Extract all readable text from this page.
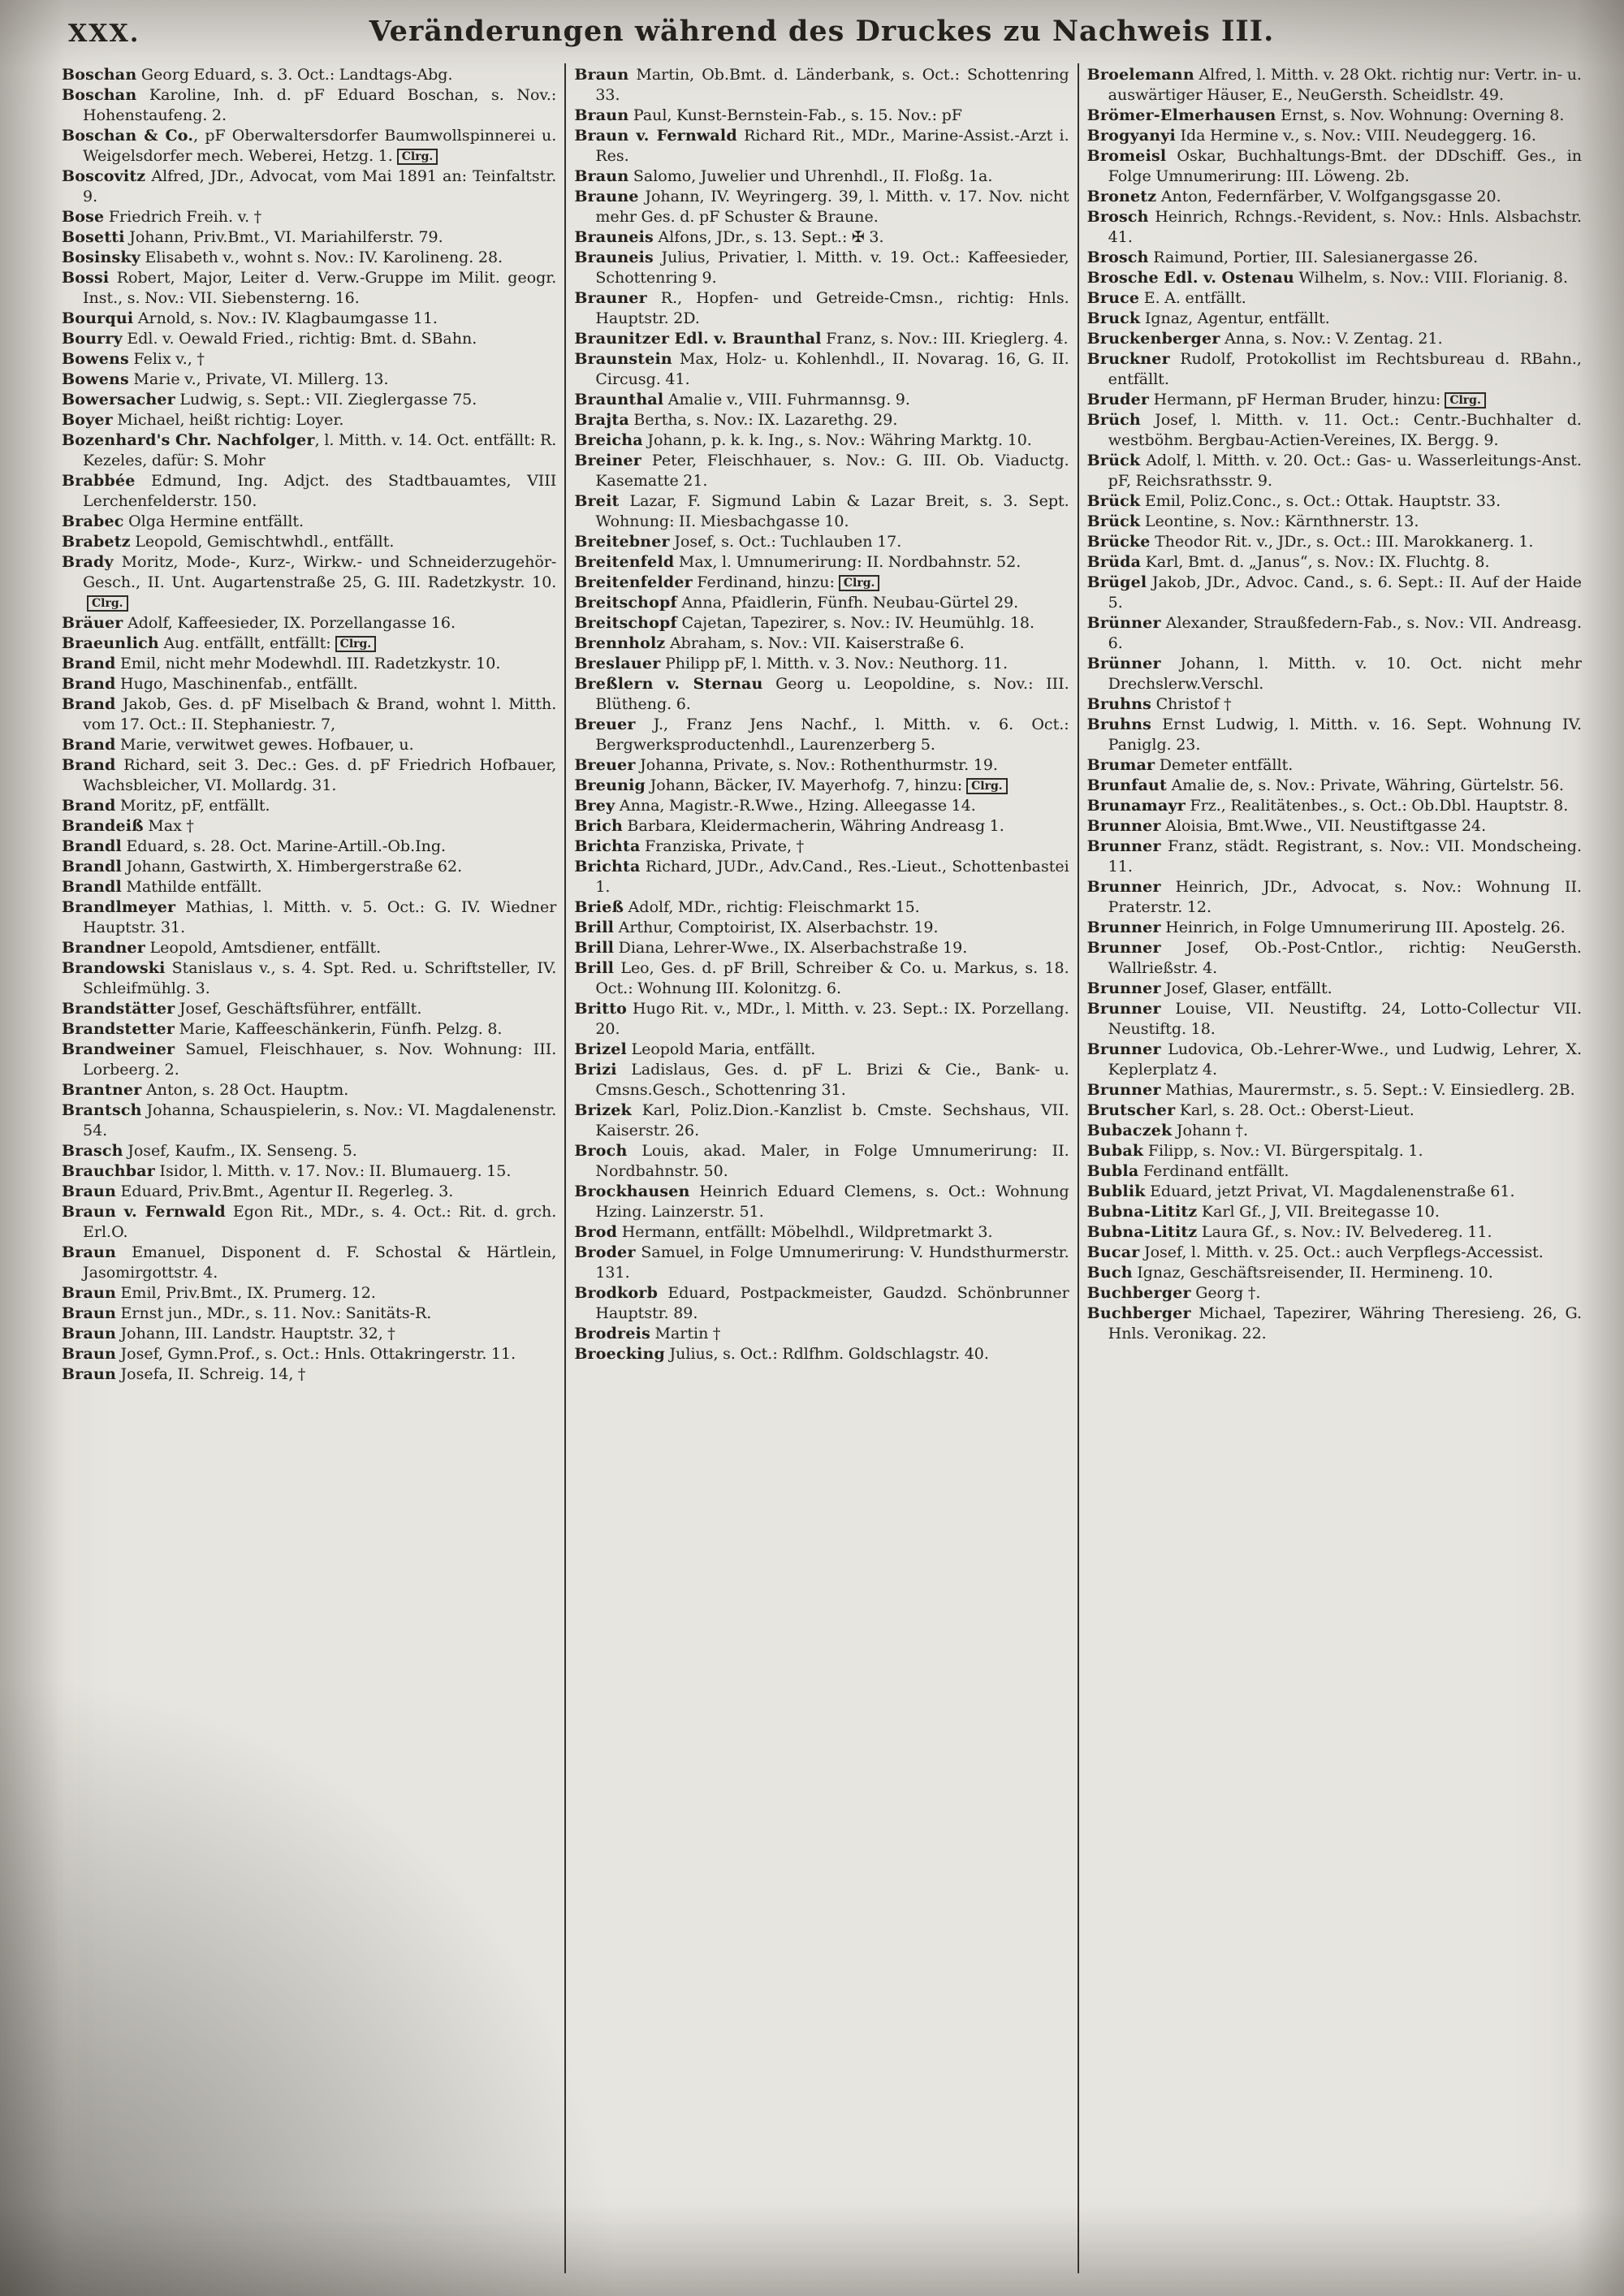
XXX.	Veränderungen während des Druckes zu Nachweis III.

Boschan Georg Eduard, s. 3. Oct.: Landtags-Abg.

Boschan Karoline, Inh. d. pF Eduard Boschan, s. Nov.: Hohenstaufeng. 2.

Boschan & Co., pF Oberwaltersdorfer Baumwollspinnerei u. Weigelsdorfer mech. Weberei, Hetzg. 1. Clrg.

Boscovitz Alfred, JDr., Advocat, vom Mai 1891 an: Teinfaltstr. 9.

Bose Friedrich Freih. v. †

Bosetti Johann, Priv.Bmt., VI. Mariahilferstr. 79.

Bosinsky Elisabeth v., wohnt s. Nov.: IV. Karolineng. 28.

Bossi Robert, Major, Leiter d. Verw.-Gruppe im Milit. geogr. Inst., s. Nov.: VII. Siebensterng. 16.

Bourqui Arnold, s. Nov.: IV. Klagbaumgasse 11.

Bourry Edl. v. Oewald Fried., richtig: Bmt. d. SBahn.

Bowens Felix v., †

Bowens Marie v., Private, VI. Millerg. 13.

Bowersacher Ludwig, s. Sept.: VII. Zieglergasse 75.

Boyer Michael, heißt richtig: Loyer.

Bozenhard's Chr. Nachfolger, l. Mitth. v. 14. Oct. entfällt: R. Kezeles, dafür: S. Mohr

Brabbée Edmund, Ing. Adjct. des Stadtbauamtes, VIII Lerchenfelderstr. 150.

Brabec Olga Hermine entfällt.

Brabetz Leopold, Gemischtwhdl., entfällt.

Brady Moritz, Mode-, Kurz-, Wirkw.- und Schneiderzugehör-Gesch., II. Unt. Augartenstraße 25, G. III. Radetzkystr. 10.Clrg.

Bräuer Adolf, Kaffeesieder, IX. Porzellangasse 16.

Braeunlich Aug. entfällt, entfällt: Clrg.

Brand Emil, nicht mehr Modewhdl. III. Radetzkystr. 10.

Brand Hugo, Maschinenfab., entfällt.

Brand Jakob, Ges. d. pF Miselbach & Brand, wohnt l. Mitth. vom 17. Oct.: II. Stephaniestr. 7,

Brand Marie, verwitwet gewes. Hofbauer, u.

Brand Richard, seit 3. Dec.: Ges. d. pF Friedrich Hofbauer, Wachsbleicher, VI. Mollardg. 31.

Brand Moritz, pF, entfällt.

Brandeiß Max †

Brandl Eduard, s. 28. Oct. Marine-Artill.-Ob.Ing.

Brandl Johann, Gastwirth, X. Himbergerstraße 62.

Brandl Mathilde entfällt.

Brandlmeyer Mathias, l. Mitth. v. 5. Oct.: G. IV. Wiedner Hauptstr. 31.

Brandner Leopold, Amtsdiener, entfällt.

Brandowski Stanislaus v., s. 4. Spt. Red. u. Schriftsteller, IV. Schleifmühlg. 3.

Brandstätter Josef, Geschäftsführer, entfällt.

Brandstetter Marie, Kaffeeschänkerin, Fünfh. Pelzg. 8.

Brandweiner Samuel, Fleischhauer, s. Nov. Wohnung: III. Lorbeerg. 2.

Brantner Anton, s. 28 Oct. Hauptm.

Brantsch Johanna, Schauspielerin, s. Nov.: VI. Magdalenenstr. 54.

Brasch Josef, Kaufm., IX. Senseng. 5.

Brauchbar Isidor, l. Mitth. v. 17. Nov.: II. Blumauerg. 15.

Braun Eduard, Priv.Bmt., Agentur II. Regerleg. 3.

Braun v. Fernwald Egon Rit., MDr., s. 4. Oct.: Rit. d. grch. Erl.O.

Braun Emanuel, Disponent d. F. Schostal & Härtlein, Jasomirgottstr. 4.

Braun Emil, Priv.Bmt., IX. Prumerg. 12.

Braun Ernst jun., MDr., s. 11. Nov.: Sanitäts-R.

Braun Johann, III. Landstr. Hauptstr. 32, †

Braun Josef, Gymn.Prof., s. Oct.: Hnls. Ottakringerstr. 11.

Braun Josefa, II. Schreig. 14, †

Braun Martin, Ob.Bmt. d. Länderbank, s. Oct.: Schottenring 33.

Braun Paul, Kunst-Bernstein-Fab., s. 15. Nov.: pF

Braun v. Fernwald Richard Rit., MDr., Marine-Assist.-Arzt i. Res.

Braun Salomo, Juwelier und Uhrenhdl., II. Floßg. 1a.

Braune Johann, IV. Weyringerg. 39, l. Mitth. v. 17. Nov. nicht mehr Ges. d. pF Schuster & Braune.

Brauneis Alfons, JDr., s. 13. Sept.: ✠ 3.

Brauneis Julius, Privatier, l. Mitth. v. 19. Oct.: Kaffeesieder, Schottenring 9.

Brauner R., Hopfen- und Getreide-Cmsn., richtig: Hnls. Hauptstr. 2D.

Braunitzer Edl. v. Braunthal Franz, s. Nov.: III. Krieglerg. 4.

Braunstein Max, Holz- u. Kohlenhdl., II. Novarag. 16, G. II. Circusg. 41.

Braunthal Amalie v., VIII. Fuhrmannsg. 9.

Brajta Bertha, s. Nov.: IX. Lazarethg. 29.

Breicha Johann, p. k. k. Ing., s. Nov.: Währing Marktg. 10.

Breiner Peter, Fleischhauer, s. Nov.: G. III. Ob. Viaductg. Kasematte 21.

Breit Lazar, F. Sigmund Labin & Lazar Breit, s. 3. Sept. Wohnung: II. Miesbachgasse 10.

Breitebner Josef, s. Oct.: Tuchlauben 17.

Breitenfeld Max, l. Umnumerirung: II. Nordbahnstr. 52.

Breitenfelder Ferdinand, hinzu: Clrg.

Breitschopf Anna, Pfaidlerin, Fünfh. Neubau-Gürtel 29.

Breitschopf Cajetan, Tapezirer, s. Nov.: IV. Heumühlg. 18.

Brennholz Abraham, s. Nov.: VII. Kaiserstraße 6.

Breslauer Philipp pF, l. Mitth. v. 3. Nov.: Neuthorg. 11.

Breßlern v. Sternau Georg u. Leopoldine, s. Nov.: III. Blütheng. 6.

Breuer J., Franz Jens Nachf., l. Mitth. v. 6. Oct.: Bergwerksproductenhdl., Laurenzerberg 5.

Breuer Johanna, Private, s. Nov.: Rothenthurmstr. 19.

Breunig Johann, Bäcker, IV. Mayerhofg. 7, hinzu: Clrg.

Brey Anna, Magistr.-R.Wwe., Hzing. Alleegasse 14.

Brich Barbara, Kleidermacherin, Währing Andreasg 1.

Brichta Franziska, Private, †

Brichta Richard, JUDr., Adv.Cand., Res.-Lieut., Schottenbastei 1.

Brieß Adolf, MDr., richtig: Fleischmarkt 15.

Brill Arthur, Comptoirist, IX. Alserbachstr. 19.

Brill Diana, Lehrer-Wwe., IX. Alserbachstraße 19.

Brill Leo, Ges. d. pF Brill, Schreiber & Co. u. Markus, s. 18. Oct.: Wohnung III. Kolonitzg. 6.

Britto Hugo Rit. v., MDr., l. Mitth. v. 23. Sept.: IX. Porzellang. 20.

Brizel Leopold Maria, entfällt.

Brizi Ladislaus, Ges. d. pF L. Brizi & Cie., Bank- u. Cmsns.Gesch., Schottenring 31.

Brizek Karl, Poliz.Dion.-Kanzlist b. Cmste. Sechshaus, VII. Kaiserstr. 26.

Broch Louis, akad. Maler, in Folge Umnumerirung: II. Nordbahnstr. 50.

Brockhausen Heinrich Eduard Clemens, s. Oct.: Wohnung Hzing. Lainzerstr. 51.

Brod Hermann, entfällt: Möbelhdl., Wildpretmarkt 3.

Broder Samuel, in Folge Umnumerirung: V. Hundsthurmerstr. 131.

Brodkorb Eduard, Postpackmeister, Gaudzd. Schönbrunner Hauptstr. 89.

Brodreis Martin †

Broecking Julius, s. Oct.: Rdlfhm. Goldschlagstr. 40.

Broelemann Alfred, l. Mitth. v. 28 Okt. richtig nur: Vertr. in- u. auswärtiger Häuser, E., NeuGersth. Scheidlstr. 49.

Brömer-Elmerhausen Ernst, s. Nov. Wohnung: Overning 8.

Brogyanyi Ida Hermine v., s. Nov.: VIII. Neudeggerg. 16.

Bromeisl Oskar, Buchhaltungs-Bmt. der DDschiff. Ges., in Folge Umnumerirung: III. Löweng. 2b.

Bronetz Anton, Federnfärber, V. Wolfgangsgasse 20.

Brosch Heinrich, Rchngs.-Revident, s. Nov.: Hnls. Alsbachstr. 41.

Brosch Raimund, Portier, III. Salesianergasse 26.

Brosche Edl. v. Ostenau Wilhelm, s. Nov.: VIII. Florianig. 8.

Bruce E. A. entfällt.

Bruck Ignaz, Agentur, entfällt.

Bruckenberger Anna, s. Nov.: V. Zentag. 21.

Bruckner Rudolf, Protokollist im Rechtsbureau d. RBahn., entfällt.

Bruder Hermann, pF Herman Bruder, hinzu: Clrg.

Brüch Josef, l. Mitth. v. 11. Oct.: Centr.-Buchhalter d. westböhm. Bergbau-Actien-Vereines, IX. Bergg. 9.

Brück Adolf, l. Mitth. v. 20. Oct.: Gas- u. Wasserleitungs-Anst. pF, Reichsrathsstr. 9.

Brück Emil, Poliz.Conc., s. Oct.: Ottak. Hauptstr. 33.

Brück Leontine, s. Nov.: Kärnthnerstr. 13.

Brücke Theodor Rit. v., JDr., s. Oct.: III. Marokkanerg. 1.

Brüda Karl, Bmt. d. „Janus“, s. Nov.: IX. Fluchtg. 8.

Brügel Jakob, JDr., Advoc. Cand., s. 6. Sept.: II. Auf der Haide 5.

Brünner Alexander, Straußfedern-Fab., s. Nov.: VII. Andreasg. 6.

Brünner Johann, l. Mitth. v. 10. Oct. nicht mehr Drechslerw.Verschl.

Bruhns Christof †

Bruhns Ernst Ludwig, l. Mitth. v. 16. Sept. Wohnung IV. Paniglg. 23.

Brumar Demeter entfällt.

Brunfaut Amalie de, s. Nov.: Private, Währing, Gürtelstr. 56.

Brunamayr Frz., Realitätenbes., s. Oct.: Ob.Dbl. Hauptstr. 8.

Brunner Aloisia, Bmt.Wwe., VII. Neustiftgasse 24.

Brunner Franz, städt. Registrant, s. Nov.: VII. Mondscheing. 11.

Brunner Heinrich, JDr., Advocat, s. Nov.: Wohnung II. Praterstr. 12.

Brunner Heinrich, in Folge Umnumerirung III. Apostelg. 26.

Brunner Josef, Ob.-Post-Cntlor., richtig: NeuGersth. Wallrießstr. 4.

Brunner Josef, Glaser, entfällt.

Brunner Louise, VII. Neustiftg. 24, Lotto-Collectur VII. Neustiftg. 18.

Brunner Ludovica, Ob.-Lehrer-Wwe., und Ludwig, Lehrer, X. Keplerplatz 4.

Brunner Mathias, Maurermstr., s. 5. Sept.: V. Einsiedlerg. 2B.

Brutscher Karl, s. 28. Oct.: Oberst-Lieut.

Bubaczek Johann †.

Bubak Filipp, s. Nov.: VI. Bürgerspitalg. 1.

Bubla Ferdinand entfällt.

Bublik Eduard, jetzt Privat, VI. Magdalenenstraße 61.

Bubna-Lititz Karl Gf., J, VII. Breitegasse 10.

Bubna-Lititz Laura Gf., s. Nov.: IV. Belvedereg. 11.

Bucar Josef, l. Mitth. v. 25. Oct.: auch Verpflegs-Accessist.

Buch Ignaz, Geschäftsreisender, II. Hermineng. 10.

Buchberger Georg †.

Buchberger Michael, Tapezirer, Währing Theresieng. 26, G. Hnls. Veronikag. 22.
